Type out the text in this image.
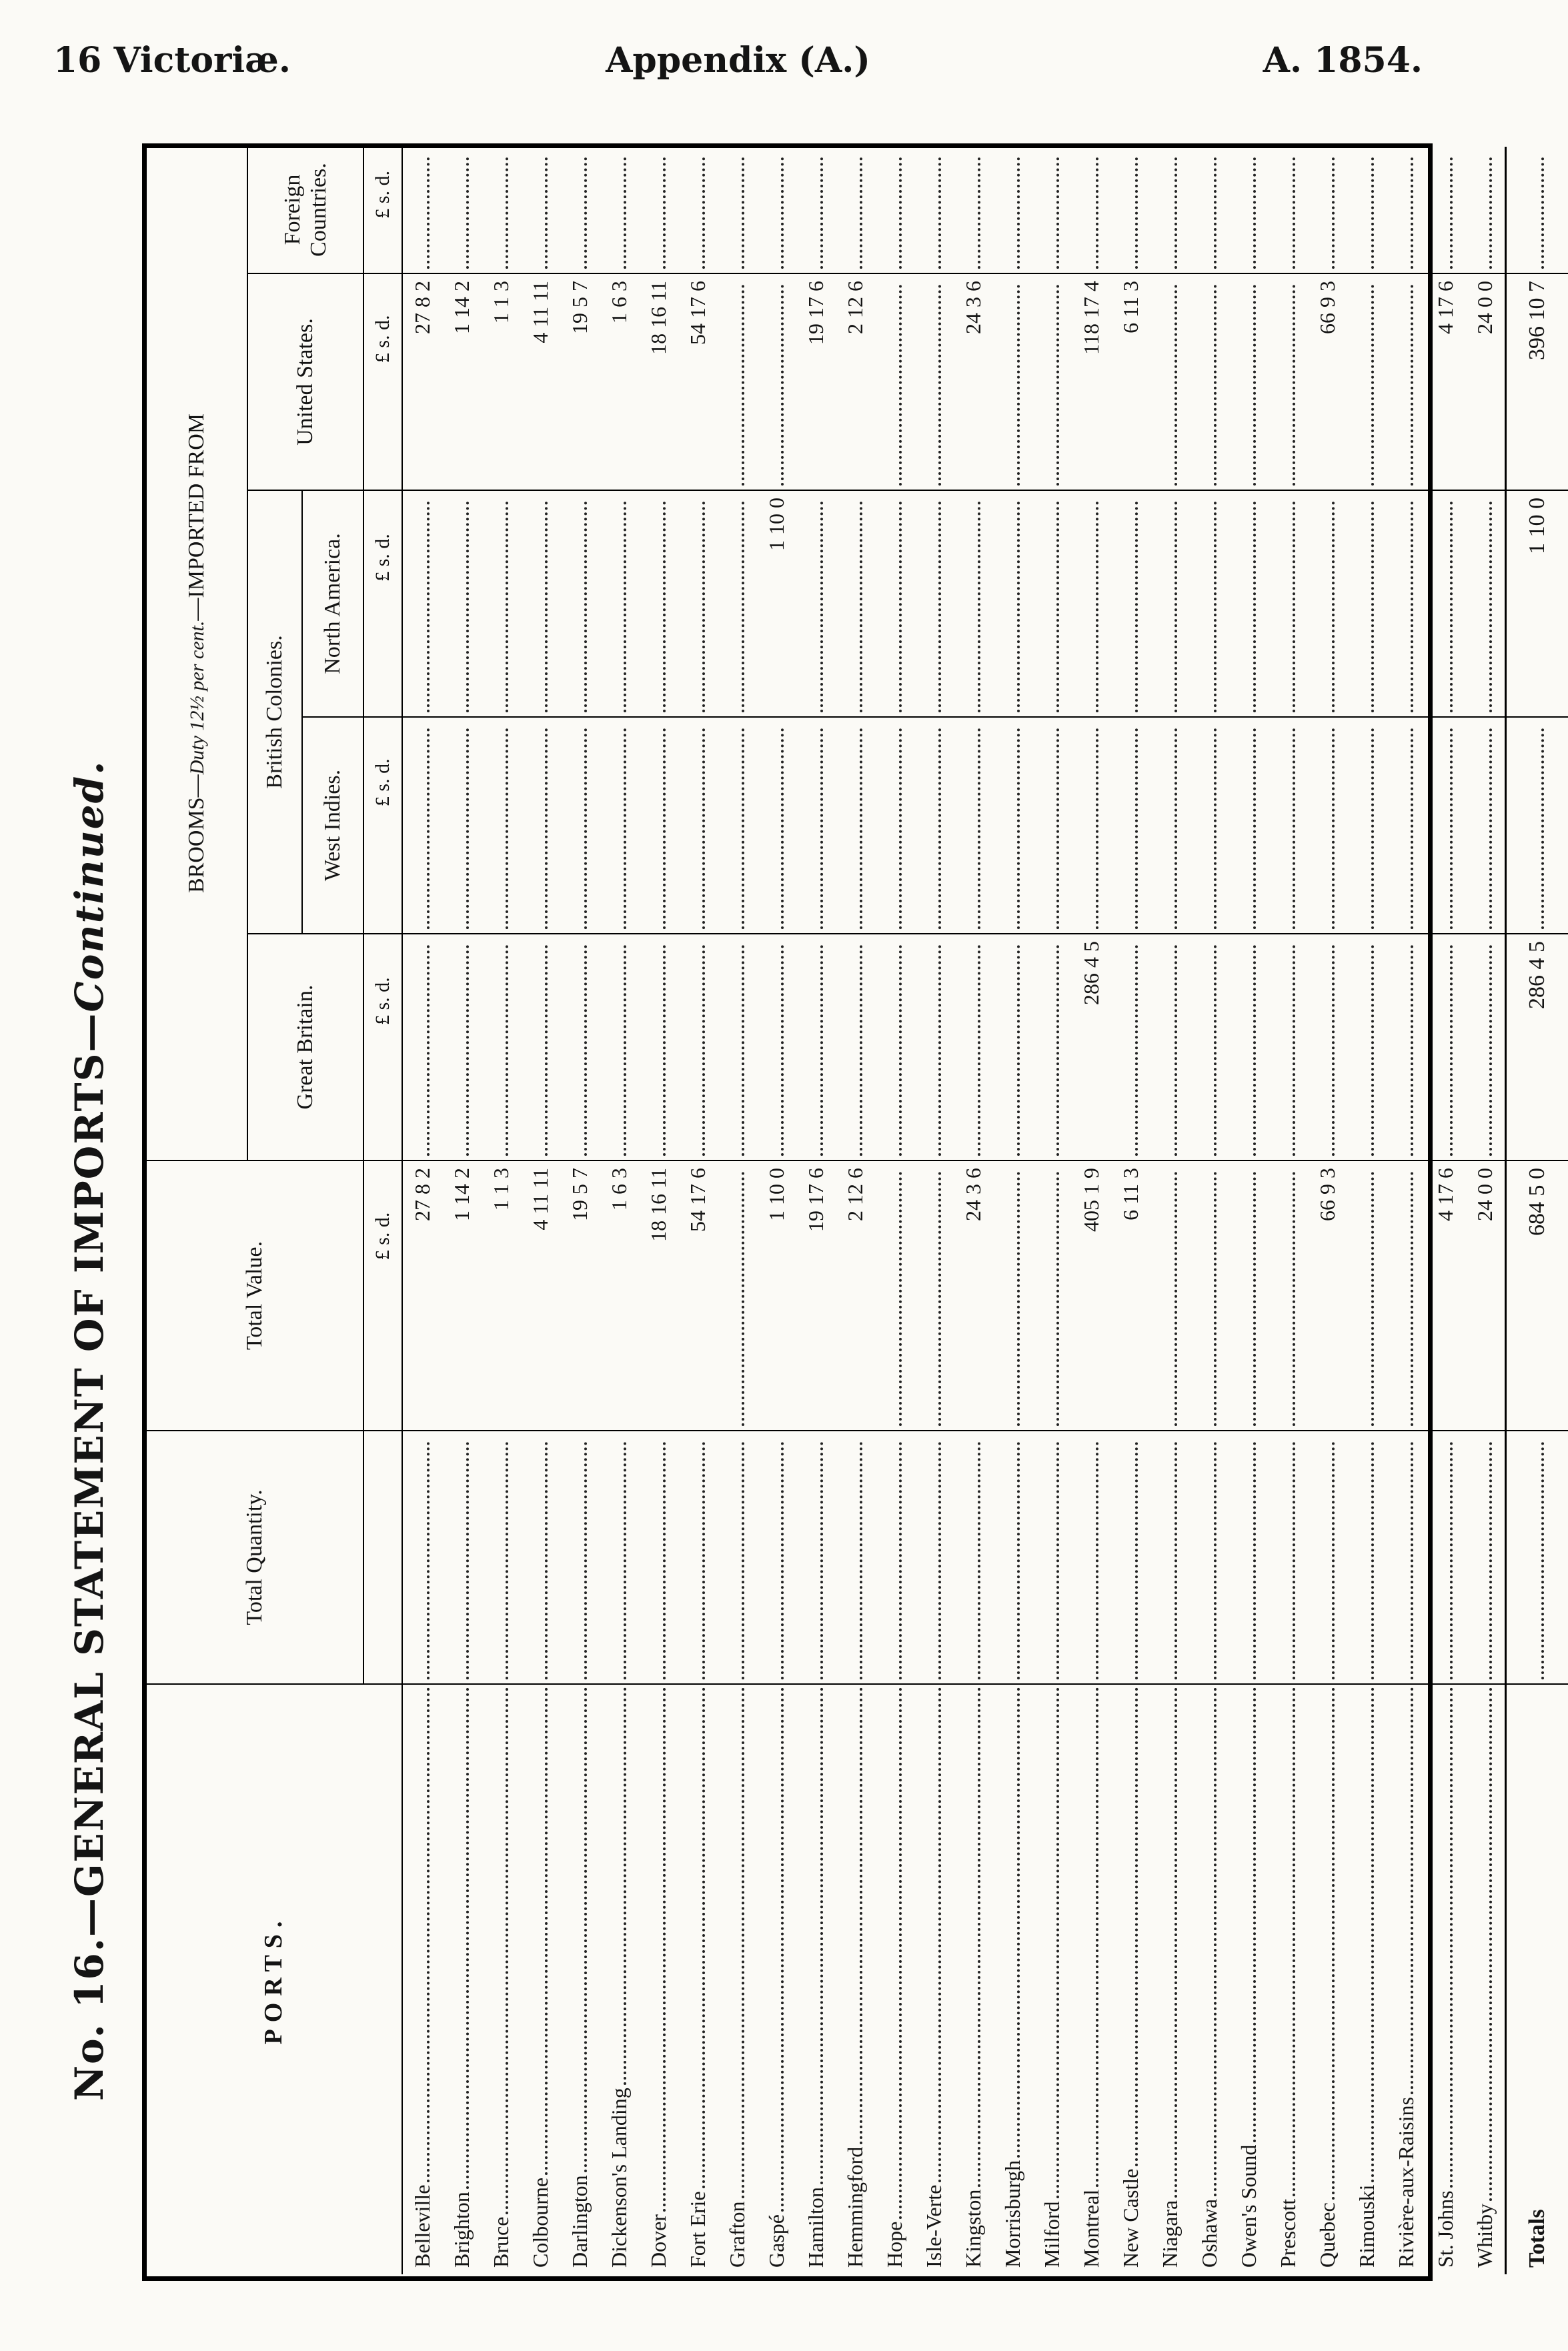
16 Victoriæ.	Appendix (A.)	A. 1854.
No. 16.—GENERAL STATEMENT OF IMPORTS—Continued.
PORTS.	Total Quantity.	Total Value.	BROOMS—Duty 12½ per cent.—IMPORTED FROM				
			Great Britain.	British Colonies.		United States.	Foreign Countries.
				West Indies.	North America.		
		£ s. d.	£ s. d.	£ s. d.	£ s. d.	£ s. d.	£ s. d.

Belleville		27 8 2				27 8 2	

Brighton		1 14 2				1 14 2	

Bruce		1 1 3				1 1 3	

Colbourne		4 11 11				4 11 11	

Darlington		19 5 7				19 5 7	

Dickenson's Landing		1 6 3				1 6 3	

Dover		18 16 11				18 16 11	

Fort Erie		54 17 6				54 17 6	

Grafton							

Gaspé		1 10 0			1 10 0		

Hamilton		19 17 6				19 17 6	

Hemmingford		2 12 6				2 12 6	

Hope							

Isle-Verte							

Kingston		24 3 6				24 3 6	

Morrisburgh							

Milford							

Montreal		405 1 9	286 4 5			118 17 4	

New Castle		6 11 3				6 11 3	

Niagara							

Oshawa							

Owen's Sound							

Prescott							

Quebec		66 9 3				66 9 3	

Rimouski							

Rivière-aux-Raisins							

St. Johns		4 17 6				4 17 6	

Whitby		24 0 0				24 0 0	

Totals		684 5 0	286 4 5		1 10 0	396 10 7	
